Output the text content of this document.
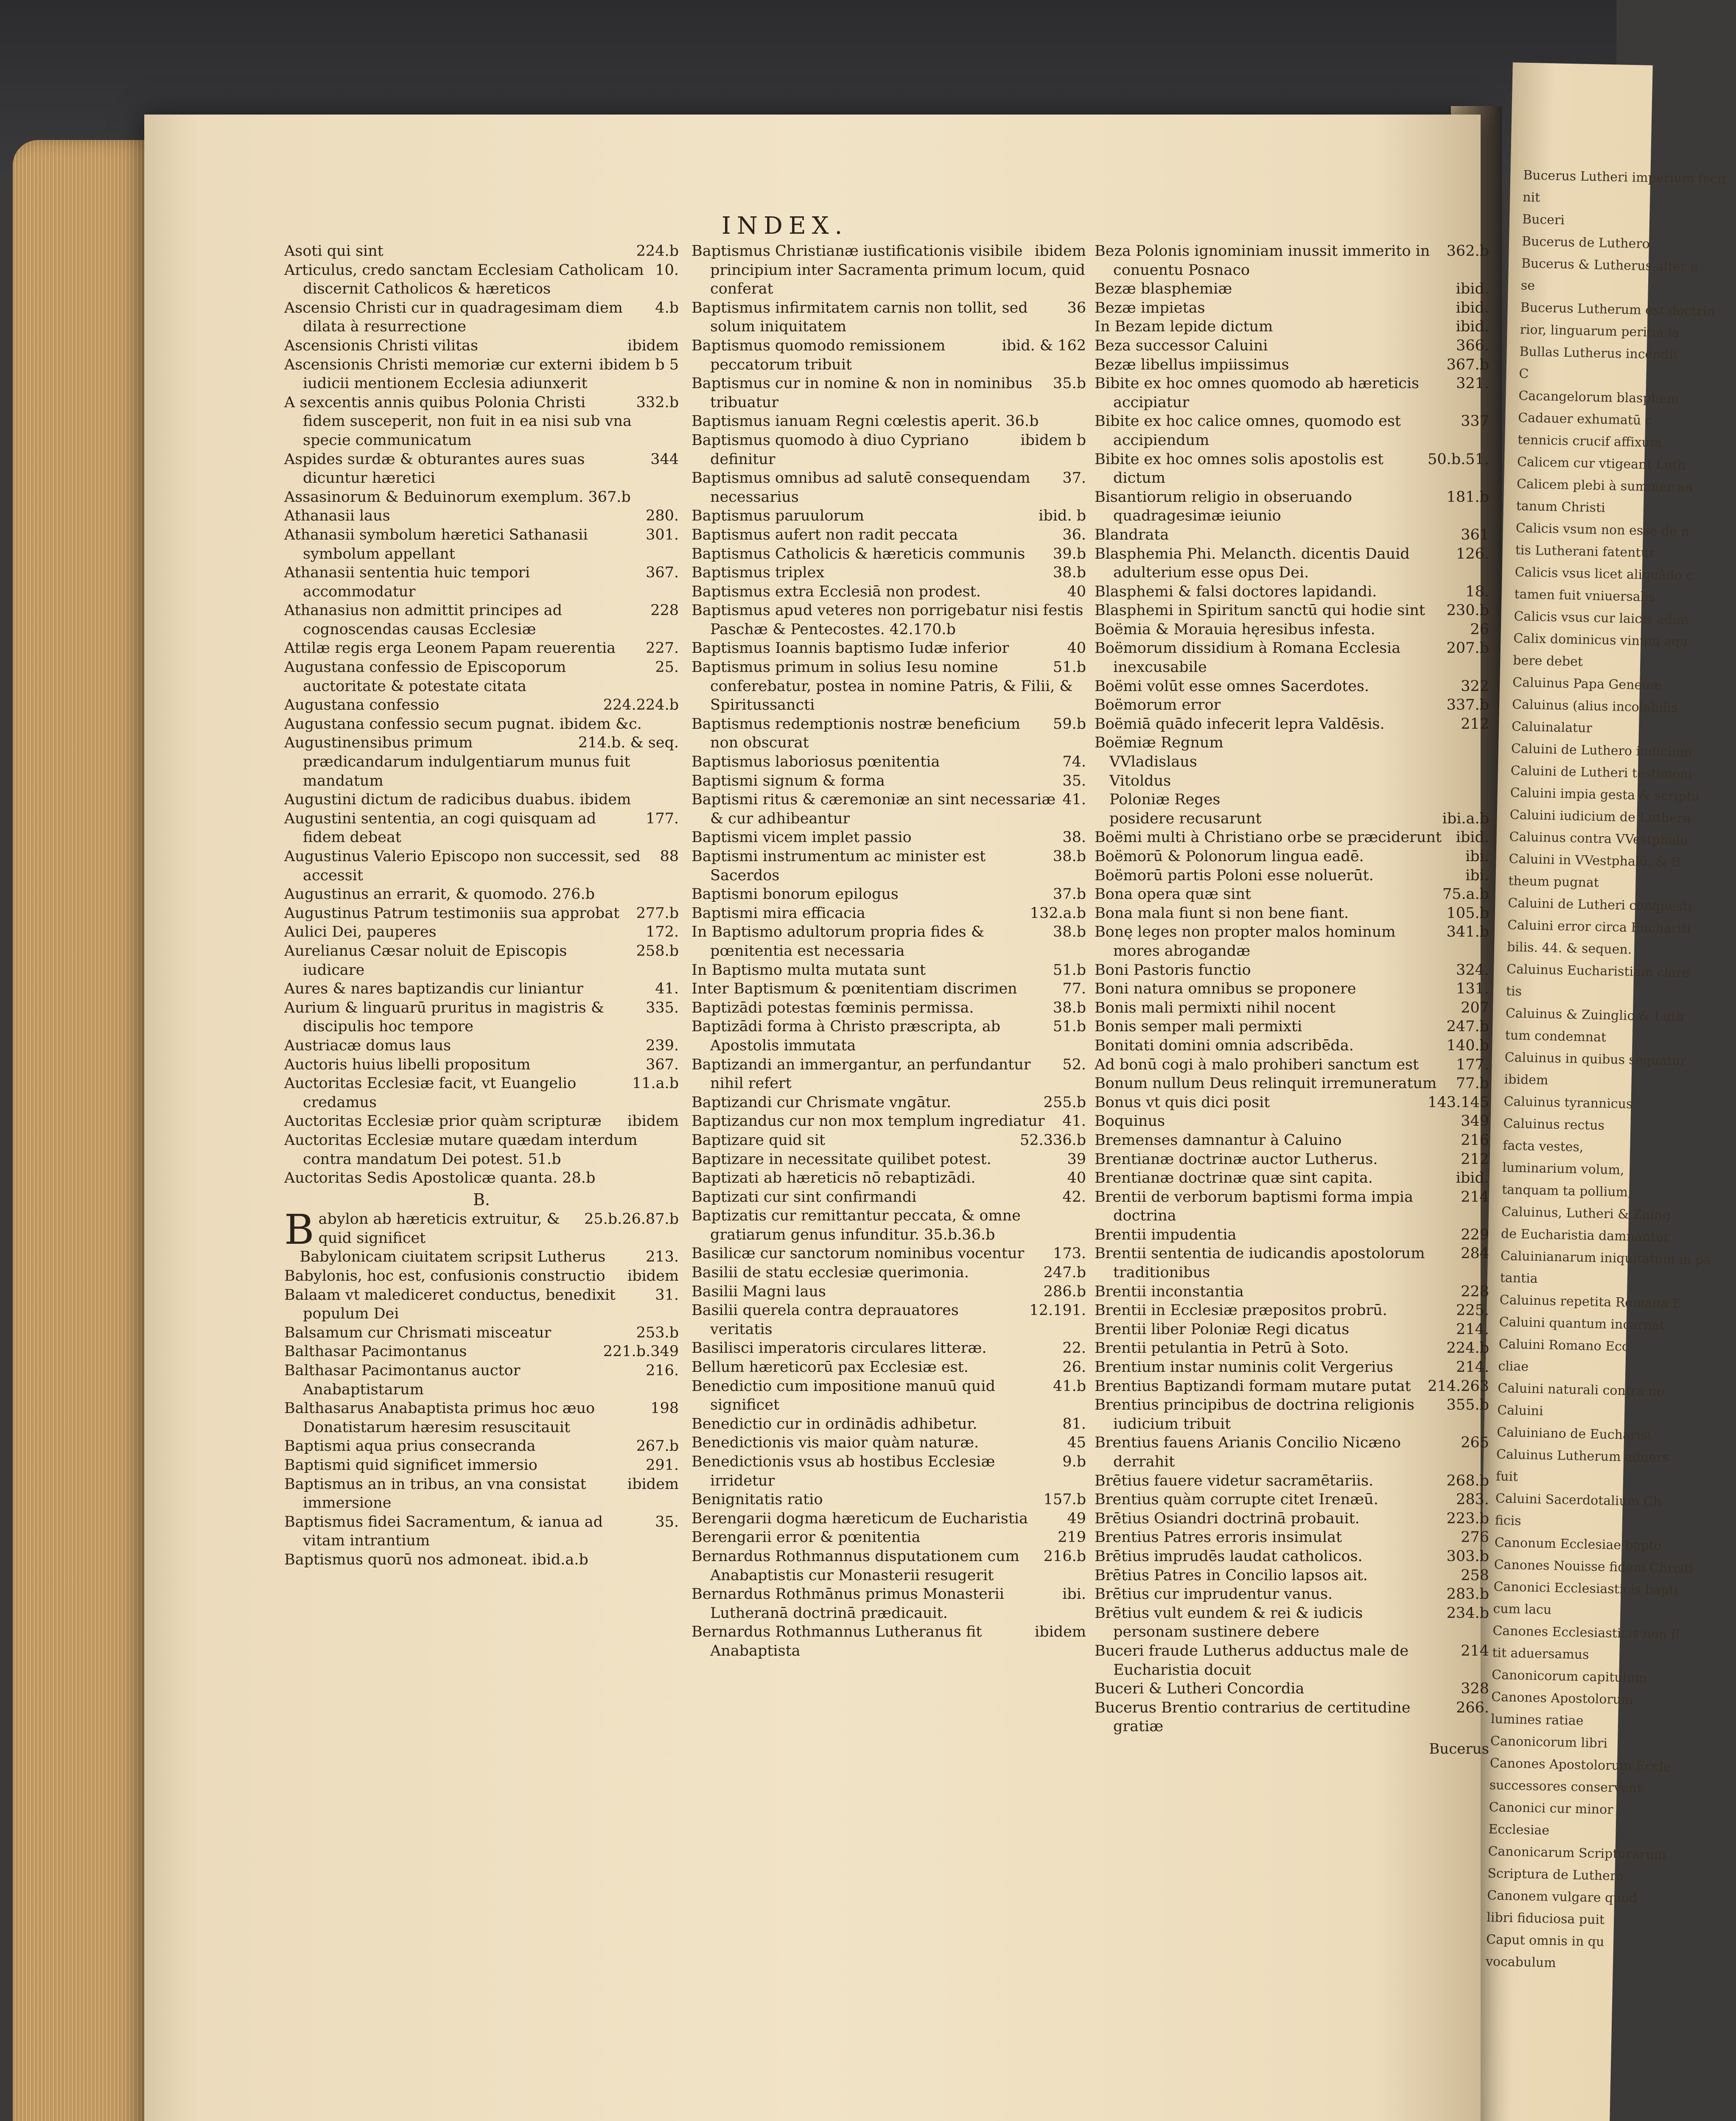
Bucerus Lutheri imperium fecit
nit
Buceri
Bucerus de Luthero
Bucerus & Lutherus alter a
se
Bucerus Lutherum est doctrin
rior, linguarum peritia la
Bullas Lutherus incendit
C
Cacangelorum blasphem
Cadauer exhumatū c
tennicis crucif affixum
Calicem cur vtigeant Luth
Calicem plebi à summer an
tanum Christi
Calicis vsum non esse de n
tis Lutherani fatentur
Calicis vsus licet aliquādo c
tamen fuit vniuersalis
Calicis vsus cur laicis adim
Calix dominicus vinum aqu
bere debet
Caluinus Papa Geneuæ
Caluinus (alius incolabilis
Caluinalatur
Caluini de Luthero iudicium
Caluini de Lutheri testimoni
Caluini impia gesta & scriptu
Caluini iudicium de Luthera
Caluinus contra VVestphalu
Caluini in VVestphalū, & B
theum pugnat
Caluini de Lutheri conquesti
Caluini error circa Euchariti
bilis. 44. & sequen.
Caluinus Eucharistiam clare
tis
Caluinus & Zuinglio & Luth
tum condemnat
Caluinus in quibus sequatur
ibidem
Caluinus tyrannicus
Caluinus rectus
facta vestes,
luminarium volum,
tanquam ta pollium,
Caluinus, Lutheri & Zuing
de Eucharistia damnantur
Caluinianarum iniquitatum in pa
tantia
Caluinus repetita Romana E
Caluini quantum incarnat
Caluini Romano Ecc
cliae
Caluini naturali contra no
Caluini
Caluiniano de Eucharist
Caluinus Lutherum aduers
fuit
Caluini Sacerdotalium Ch
ficis
Canonum Ecclesiae bapto
Canones Nouisse fidem Christi
Canonici Ecclesiasticis bapti
cum lacu
Canones Ecclesiasticis non fl
tit aduersamus
Canonicorum capitulum
Canones Apostolorum
lumines ratiae
Canonicorum libri
Canones Apostolorum Eccle
successores conservent
Canonici cur minor
Ecclesiae
Canonicarum Scripturarum
Scriptura de Luthero
Canonem vulgare quod
libri fiduciosa puit
Caput omnis in qu
vocabulum
INDEX.
224.b
Asoti qui sint
10.
Articulus, credo sanctam Ecclesiam Catholicam discernit Catholicos & hæreticos
4.b
Ascensio Christi cur in quadragesimam diem dilata à resurrectione
ibidem
Ascensionis Christi vilitas
ibidem b 5
Ascensionis Christi memoriæ cur externi iudicii mentionem Ecclesia adiunxerit
332.b
A sexcentis annis quibus Polonia Christi fidem susceperit, non fuit in ea nisi sub vna specie communicatum
344
Aspides surdæ & obturantes aures suas dicuntur hæretici
Assasinorum & Beduinorum exemplum. 367.b
280.
Athanasii laus
301.
Athanasii symbolum hæretici Sathanasii symbolum appellant
367.
Athanasii sententia huic tempori accommodatur
228
Athanasius non admittit principes ad cognoscendas causas Ecclesiæ
227.
Attilæ regis erga Leonem Papam reuerentia
25.
Augustana confessio de Episcoporum auctoritate & potestate citata
224.224.b
Augustana confessio
Augustana confessio secum pugnat. ibidem &c.
214.b. & seq.
Augustinensibus primum prædicandarum indulgentiarum munus fuit mandatum
Augustini dictum de radicibus duabus. ibidem
177.
Augustini sententia, an cogi quisquam ad fidem debeat
88
Augustinus Valerio Episcopo non successit, sed accessit
Augustinus an errarit, & quomodo. 276.b
277.b
Augustinus Patrum testimoniis sua approbat
172.
Aulici Dei, pauperes
258.b
Aurelianus Cæsar noluit de Episcopis iudicare
41.
Aures & nares baptizandis cur liniantur
335.
Aurium & linguarū pruritus in magistris & discipulis hoc tempore
239.
Austriacæ domus laus
367.
Auctoris huius libelli propositum
11.a.b
Auctoritas Ecclesiæ facit, vt Euangelio credamus
ibidem
Auctoritas Ecclesiæ prior quàm scripturæ
Auctoritas Ecclesiæ mutare quædam interdum contra mandatum Dei potest. 51.b
Auctoritas Sedis Apostolicæ quanta. 28.b
B.
B	25.b.26.87.b
abylon ab hæreticis extruitur, & quid significet
213.
Babylonicam ciuitatem scripsit Lutherus
ibidem
Babylonis, hoc est, confusionis constructio
31.
Balaam vt malediceret conductus, benedixit populum Dei
253.b
Balsamum cur Chrismati misceatur
221.b.349
Balthasar Pacimontanus
216.
Balthasar Pacimontanus auctor Anabaptistarum
198
Balthasarus Anabaptista primus hoc æuo Donatistarum hæresim resuscitauit
267.b
Baptismi aqua prius consecranda
291.
Baptismi quid significet immersio
ibidem
Baptismus an in tribus, an vna consistat immersione
35.
Baptismus fidei Sacramentum, & ianua ad vitam intrantium
Baptismus quorū nos admoneat. ibid.a.b
ibidem
Baptismus Christianæ iustificationis visibile principium inter Sacramenta primum locum, quid conferat
36
Baptismus infirmitatem carnis non tollit, sed solum iniquitatem
ibid. & 162
Baptismus quomodo remissionem peccatorum tribuit
35.b
Baptismus cur in nomine & non in nominibus tribuatur
Baptismus ianuam Regni cœlestis aperit. 36.b
ibidem b
Baptismus quomodo à diuo Cypriano definitur
37.
Baptismus omnibus ad salutē consequendam necessarius
ibid. b
Baptismus paruulorum
36.
Baptismus aufert non radit peccata
39.b
Baptismus Catholicis & hæreticis communis
38.b
Baptismus triplex
40
Baptismus extra Ecclesiā non prodest.
Baptismus apud veteres non porrigebatur nisi festis Paschæ & Pentecostes. 42.170.b
40
Baptismus Ioannis baptismo Iudæ inferior
51.b
Baptismus primum in solius Iesu nomine conferebatur, postea in nomine Patris, & Filii, & Spiritussancti
59.b
Baptismus redemptionis nostræ beneficium non obscurat
74.
Baptismus laboriosus pœnitentia
35.
Baptismi signum & forma
41.
Baptismi ritus & cæremoniæ an sint necessariæ & cur adhibeantur
38.
Baptismi vicem implet passio
38.b
Baptismi instrumentum ac minister est Sacerdos
37.b
Baptismi bonorum epilogus
132.a.b
Baptismi mira efficacia
38.b
In Baptismo adultorum propria fides & pœnitentia est necessaria
51.b
In Baptismo multa mutata sunt
77.
Inter Baptismum & pœnitentiam discrimen
38.b
Baptizādi potestas fœminis permissa.
51.b
Baptizādi forma à Christo præscripta, ab Apostolis immutata
52.
Baptizandi an immergantur, an perfundantur nihil refert
255.b
Baptizandi cur Chrismate vngātur.
41.
Baptizandus cur non mox templum ingrediatur
52.336.b
Baptizare quid sit
39
Baptizare in necessitate quilibet potest.
40
Baptizati ab hæreticis nō rebaptizādi.
42.
Baptizati cur sint confirmandi
Baptizatis cur remittantur peccata, & omne gratiarum genus infunditur. 35.b.36.b
173.
Basilicæ cur sanctorum nominibus vocentur
247.b
Basilii de statu ecclesiæ querimonia.
286.b
Basilii Magni laus
12.191.
Basilii querela contra deprauatores veritatis
22.
Basilisci imperatoris circulares litteræ.
26.
Bellum hæreticorū pax Ecclesiæ est.
41.b
Benedictio cum impositione manuū quid significet
81.
Benedictio cur in ordinādis adhibetur.
45
Benedictionis vis maior quàm naturæ.
9.b
Benedictionis vsus ab hostibus Ecclesiæ irridetur
157.b
Benignitatis ratio
49
Berengarii dogma hæreticum de Eucharistia
219
Berengarii error & pœnitentia
216.b
Bernardus Rothmannus disputationem cum Anabaptistis cur Monasterii resugerit
ibi.
Bernardus Rothmānus primus Monasterii Lutheranā doctrinā prædicauit.
ibidem
Bernardus Rothmannus Lutheranus fit Anabaptista
362.b
Beza Polonis ignominiam inussit immerito in conuentu Posnaco
ibid.
Bezæ blasphemiæ
ibid.
Bezæ impietas
ibid.
In Bezam lepide dictum
366.
Beza successor Caluini
367.b
Bezæ libellus impiissimus
321.
Bibite ex hoc omnes quomodo ab hæreticis accipiatur
337
Bibite ex hoc calice omnes, quomodo est accipiendum
50.b.51.
Bibite ex hoc omnes solis apostolis est dictum
181.b
Bisantiorum religio in obseruando quadragesimæ ieiunio
361
Blandrata
126.
Blasphemia Phi. Melancth. dicentis Dauid adulterium esse opus Dei.
18.
Blasphemi & falsi doctores lapidandi.
230.b
Blasphemi in Spiritum sanctū qui hodie sint
26
Boëmia & Morauia hęresibus infesta.
207.b
Boëmorum dissidium à Romana Ecclesia inexcusabile
322
Boëmi volūt esse omnes Sacerdotes.
337.b
Boëmorum error
212
Boëmiā quādo infecerit lepra Valdēsis.
Boëmiæ Regnum
 VVladislaus
 Vitoldus
 Poloniæ Reges
ibi.a.b
 posidere recusarunt
ibid.
Boëmi multi à Christiano orbe se præciderunt
ibi.
Boëmorū & Polonorum lingua eadē.
ibi.
Boëmorū partis Poloni esse noluerūt.
75.a.b
Bona opera quæ sint
105.b
Bona mala fiunt si non bene fiant.
341.b
Bonę leges non propter malos hominum mores abrogandæ
324.
Boni Pastoris functio
131.
Boni natura omnibus se proponere
207
Bonis mali permixti nihil nocent
247.b
Bonis semper mali permixti
140.b
Bonitati domini omnia adscribēda.
177.
Ad bonū cogi à malo prohiberi sanctum est
77.b
Bonum nullum Deus relinquit irremuneratum
143.145
Bonus vt quis dici posit
349
Boquinus
216
Bremenses damnantur à Caluino
212
Brentianæ doctrinæ auctor Lutherus.
ibid.
Brentianæ doctrinæ quæ sint capita.
214
Brentii de verborum baptismi forma impia doctrina
229
Brentii impudentia
284
Brentii sententia de iudicandis apostolorum traditionibus
228
Brentii inconstantia
225.
Brentii in Ecclesiæ præpositos probrū.
214.
Brentii liber Poloniæ Regi dicatus
224.b
Brentii petulantia in Petrū à Soto.
214.
Brentium instar numinis colit Vergerius
214.263
Brentius Baptizandi formam mutare putat
355.b
Brentius principibus de doctrina religionis iudicium tribuit
265
Brentius fauens Arianis Concilio Nicæno derrahit
268.b
Brētius fauere videtur sacramētariis.
283.
Brentius quàm corrupte citet Irenæū.
223.b
Brētius Osiandri doctrinā probauit.
276
Brentius Patres erroris insimulat
303.b
Brētius imprudēs laudat catholicos.
258
Brētius Patres in Concilio lapsos ait.
283.b
Brētius cur imprudentur vanus.
234.b
Brētius vult eundem & rei & iudicis personam sustinere debere
214
Buceri fraude Lutherus adductus male de Eucharistia docuit
328
Buceri & Lutheri Concordia
266.
Bucerus Brentio contrarius de certitudine gratiæ
Bucerus
